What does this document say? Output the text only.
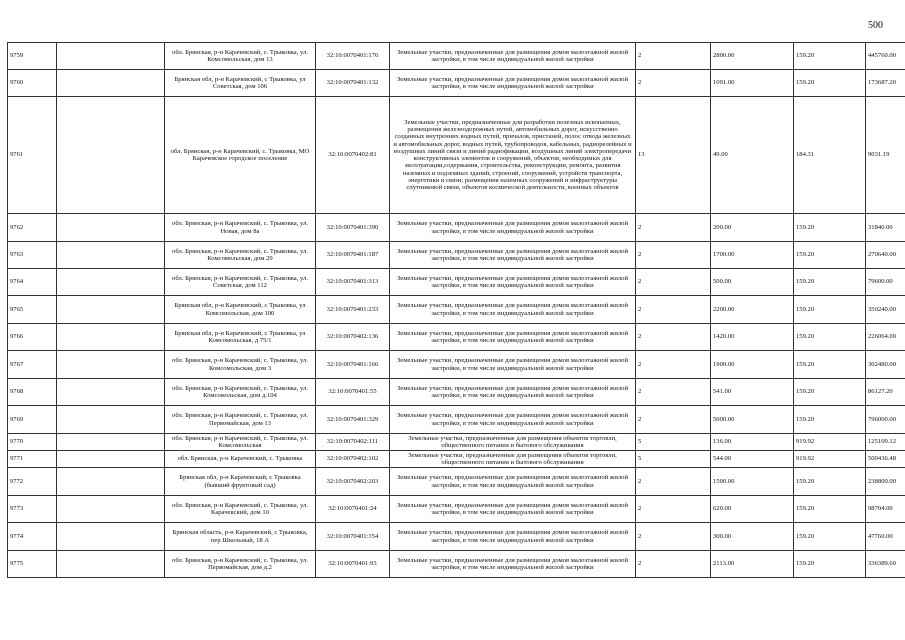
500
9759		обл. Брянская, р-н Карачевский, с. Трыковка, ул. Комсомольская, дом 13	32:10:0070401:176	Земельные участки, предназначенные для размещения домов малоэтажной жилой застройки, в том числе индивидуальной жилой застройки	2	2800.00	159.20	445760.00
9760		Брянская обл, р-н Карачевский, с Трыковка, ул Советская, дом 106	32:10:0070401:132	Земельные участки, предназначенные для размещения домов малоэтажной жилой застройки, в том числе индивидуальной жилой застройки	2	1091.00	159.20	173687.20
9761		обл. Брянская, р-н Карачевский, с. Трыковка, МО Карачевское городское поселение	32:10:0070402:81	Земельные участки, предназначенные для разработки полезных ископаемых, размещения железнодорожных путей, автомобильных дорог, искусственно созданных внутренних водных путей, причалов, пристаней, полос отвода железных и автомобильных дорог, водных путей, трубопроводов, кабельных, радиорелейных и воздушных линий связи и линий радиофикации, воздушных линий электропередачи конструктивных элементов и сооружений, объектов, необходимых для эксплуатации,содержания, строительства, реконструкции, ремонта, развития наземных и подземных зданий, строений, сооружений, устройств транспорта, энергетики и связи; размещения наземных сооружений и инфраструктуры спутниковой связи, объектов космической деятельности, военных объектов	13	49.00	184.31	9031.19
9762		обл. Брянская, р-н Карачевский, с. Трыковка, ул. Новая, дом 8а	32:10:0070401:390	Земельные участки, предназначенные для размещения домов малоэтажной жилой застройки, в том числе индивидуальной жилой застройки	2	200.00	159.20	31840.00
9763		обл. Брянская, р-н Карачевский, с. Трыковка, ул. Комсомольская, дом 29	32:10:0070401:187	Земельные участки, предназначенные для размещения домов малоэтажной жилой застройки, в том числе индивидуальной жилой застройки	2	1700.00	159.20	270640.00
9764		обл. Брянская, р-н Карачевский, с. Трыковка, ул. Советская, дом 112	32:10:0070401:313	Земельные участки, предназначенные для размещения домов малоэтажной жилой застройки, в том числе индивидуальной жилой застройки	2	500.00	159.20	79600.00
9765		Брянская обл, р-н Карачевский, с Трыковка, ул Комсомольская, дом 100	32:10:0070401:233	Земельные участки, предназначенные для размещения домов малоэтажной жилой застройки, в том числе индивидуальной жилой застройки	2	2200.00	159.20	350240.00
9766		Брянская обл, р-н Карачевский, с Трыковка, ул Комсомольская, д 75/1	32:10:0070402:136	Земельные участки, предназначенные для размещения домов малоэтажной жилой застройки, в том числе индивидуальной жилой застройки	2	1420.00	159.20	226064.00
9767		обл. Брянская, р-н Карачевский, с. Трыковка, ул. Комсомольская, дом 3	32:10:0070401:166	Земельные участки, предназначенные для размещения домов малоэтажной жилой застройки, в том числе индивидуальной жилой застройки	2	1900.00	159.20	302480.00
9768		обл. Брянская, р-н Карачевский, с. Трыковка, ул. Комсомольская, дом д.104	32:10:0070401:55	Земельные участки, предназначенные для размещения домов малоэтажной жилой застройки, в том числе индивидуальной жилой застройки	2	541.00	159.20	86127.20
9769		обл. Брянская, р-н Карачевский, с. Трыковка, ул. Первомайская, дом 13	32:10:0070401:329	Земельные участки, предназначенные для размещения домов малоэтажной жилой застройки, в том числе индивидуальной жилой застройки	2	5000.00	159.20	796000.00
9770		обл. Брянская, р-н Карачевский, с. Трыковка, ул. Комсомольская	32:10:0070402:111	Земельные участки, предназначенные для размещения объектов торговли, общественного питания и бытового обслуживания	5	136.00	919.92	125109.12
9771		обл. Брянская, р-н Карачевский, с. Трыковка	32:10:0070402:102	Земельные участки, предназначенные для размещения объектов торговли, общественного питания и бытового обслуживания	5	544.00	919.92	500436.48
9772		Брянская обл, р-н Карачевский, с Трыковка (бывший фруктовый сад)	32:10:0070402:203	Земельные участки, предназначенные для размещения домов малоэтажной жилой застройки, в том числе индивидуальной жилой застройки	2	1500.00	159.20	238800.00
9773		обл. Брянская, р-н Карачевский, с. Трыковка, ул. Карачевский, дом 10	32:10:0070401:24	Земельные участки, предназначенные для размещения домов малоэтажной жилой застройки, в том числе индивидуальной жилой застройки	2	620.00	159.20	98704.00
9774		Брянская область, р-н Карачевский, с Трыковка, пер Школьный, 18 А	32:10:0070401:354	Земельные участки, предназначенные для размещения домов малоэтажной жилой застройки, в том числе индивидуальной жилой застройки	2	300.00	159.20	47760.00
9775		обл. Брянская, р-н Карачевский, с. Трыковка, ул. Первомайская, дом д.2	32:10:0070401:93	Земельные участки, предназначенные для размещения домов малоэтажной жилой застройки, в том числе индивидуальной жилой застройки	2	2113.00	159.20	336389.60
